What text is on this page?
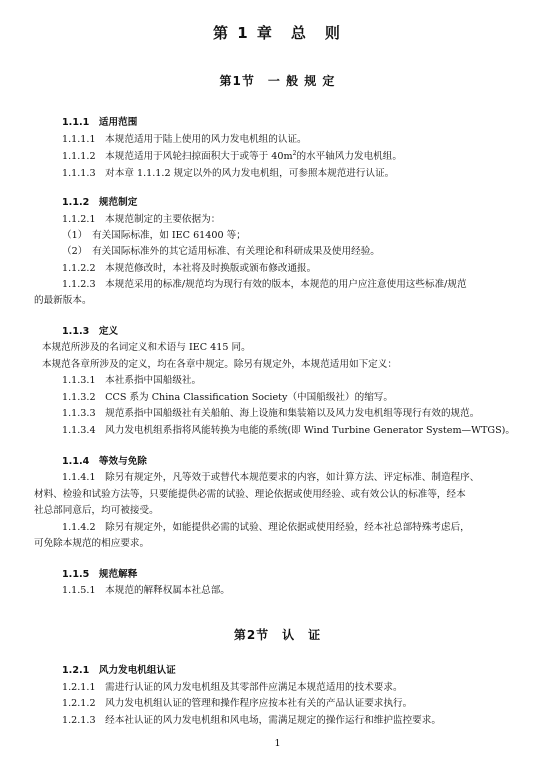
第 1 章　总　则
第1节　一 般 规 定
1.1.1　适用范围
1.1.1.1　本规范适用于陆上使用的风力发电机组的认证。
1.1.1.2　本规范适用于风轮扫掠面积大于或等于 $40m^2$的水平轴风力发电机组。
1.1.1.3　对本章 1.1.1.2 规定以外的风力发电机组，可参照本规范进行认证。
1.1.2　规范制定
1.1.2.1　本规范制定的主要依据为：
（1）　有关国际标准，如 IEC 61400 等；
（2）　有关国际标准外的其它适用标准、有关理论和科研成果及使用经验。
1.1.2.2　本规范修改时，本社将及时换版或颁布修改通报。
1.1.2.3　本规范采用的标准/规范均为现行有效的版本，本规范的用户应注意使用这些标准/规范
的最新版本。
1.1.3　定义
本规范所涉及的名词定义和术语与 IEC 415 同。
本规范各章所涉及的定义，均在各章中规定。除另有规定外，本规范适用如下定义：
1.1.3.1　本社系指中国船级社。
1.1.3.2　CCS 系为 China Classification Society（中国船级社）的缩写。
1.1.3.3　规范系指中国船级社有关船舶、海上设施和集装箱以及风力发电机组等现行有效的规范。
1.1.3.4　风力发电机组系指将风能转换为电能的系统(即 Wind Turbine Generator System—WTGS)。
1.1.4　等效与免除
1.1.4.1　除另有规定外，凡等效于或替代本规范要求的内容，如计算方法、评定标准、制造程序、
材料、检验和试验方法等，只要能提供必需的试验、理论依据或使用经验、或有效公认的标准等，经本
社总部同意后，均可被接受。
1.1.4.2　除另有规定外，如能提供必需的试验、理论依据或使用经验，经本社总部特殊考虑后，
可免除本规范的相应要求。
1.1.5　规范解释
1.1.5.1　本规范的解释权属本社总部。
第2节　认　证
1.2.1　风力发电机组认证
1.2.1.1　需进行认证的风力发电机组及其零部件应满足本规范适用的技术要求。
1.2.1.2　风力发电机组认证的管理和操作程序应按本社有关的产品认证要求执行。
1.2.1.3　经本社认证的风力发电机组和风电场，需满足规定的操作运行和维护监控要求。
1
